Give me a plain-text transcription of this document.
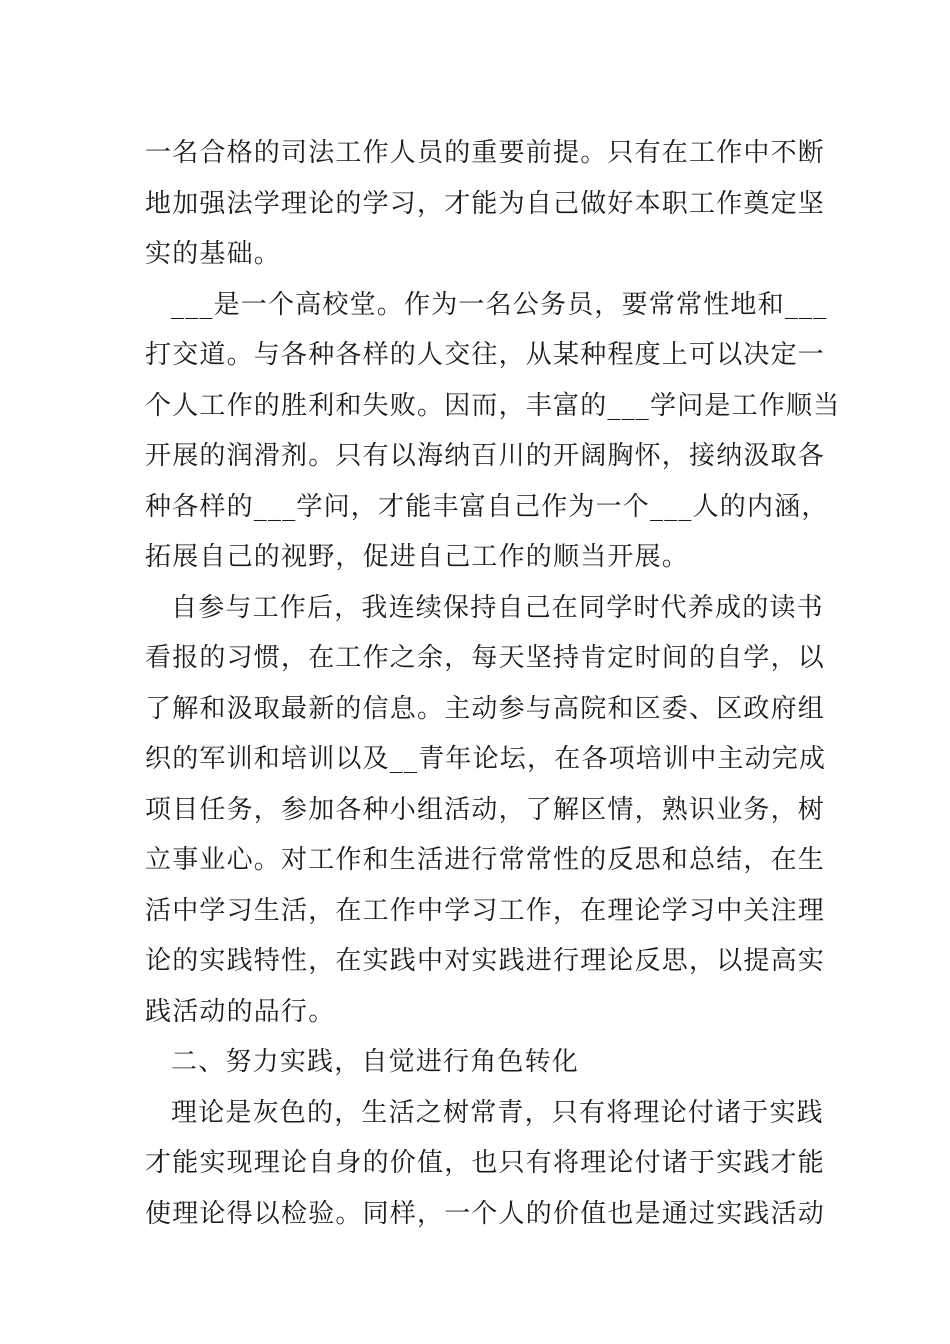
一名合格的司法工作人员的重要前提。只有在工作中不断
地加强法学理论的学习，才能为自己做好本职工作奠定坚
实的基础。
___是一个高校堂。作为一名公务员，要常常性地和___
打交道。与各种各样的人交往，从某种程度上可以决定一
个人工作的胜利和失败。因而，丰富的___学问是工作顺当
开展的润滑剂。只有以海纳百川的开阔胸怀，接纳汲取各
种各样的___学问，才能丰富自己作为一个___人的内涵，
拓展自己的视野，促进自己工作的顺当开展。
自参与工作后，我连续保持自己在同学时代养成的读书
看报的习惯，在工作之余，每天坚持肯定时间的自学，以
了解和汲取最新的信息。主动参与高院和区委、区政府组
织的军训和培训以及__青年论坛，在各项培训中主动完成
项目任务，参加各种小组活动，了解区情，熟识业务，树
立事业心。对工作和生活进行常常性的反思和总结，在生
活中学习生活，在工作中学习工作，在理论学习中关注理
论的实践特性，在实践中对实践进行理论反思，以提高实
践活动的品行。
二、努力实践，自觉进行角色转化
理论是灰色的，生活之树常青，只有将理论付诸于实践
才能实现理论自身的价值，也只有将理论付诸于实践才能
使理论得以检验。同样，一个人的价值也是通过实践活动
